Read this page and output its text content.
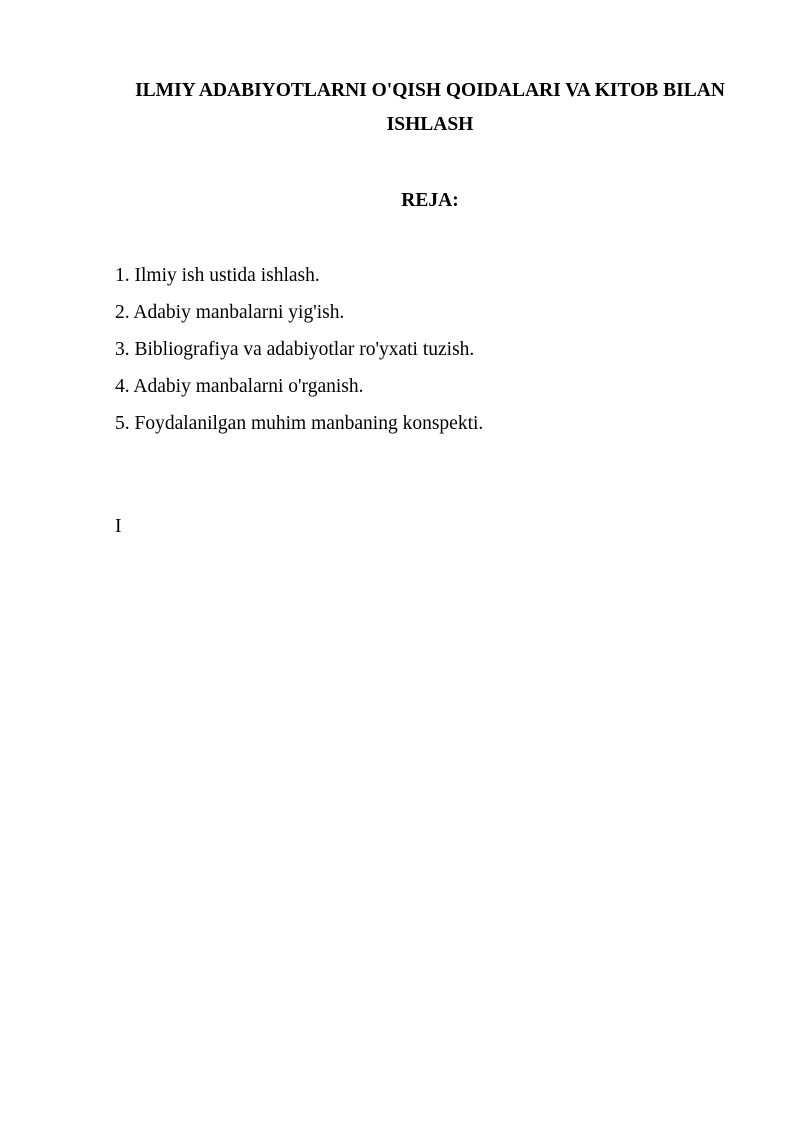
ILMIY ADABIYOTLARNI O'QISH QOIDALARI VA KITOB BILAN ISHLASH
REJA:
1. Ilmiy ish ustida ishlash.
2. Adabiy manbalarni yig'ish.
3. Bibliografiya va adabiyotlar ro'yxati tuzish.
4. Adabiy manbalarni o'rganish.
5. Foydalanilgan muhim manbaning konspekti.
I
